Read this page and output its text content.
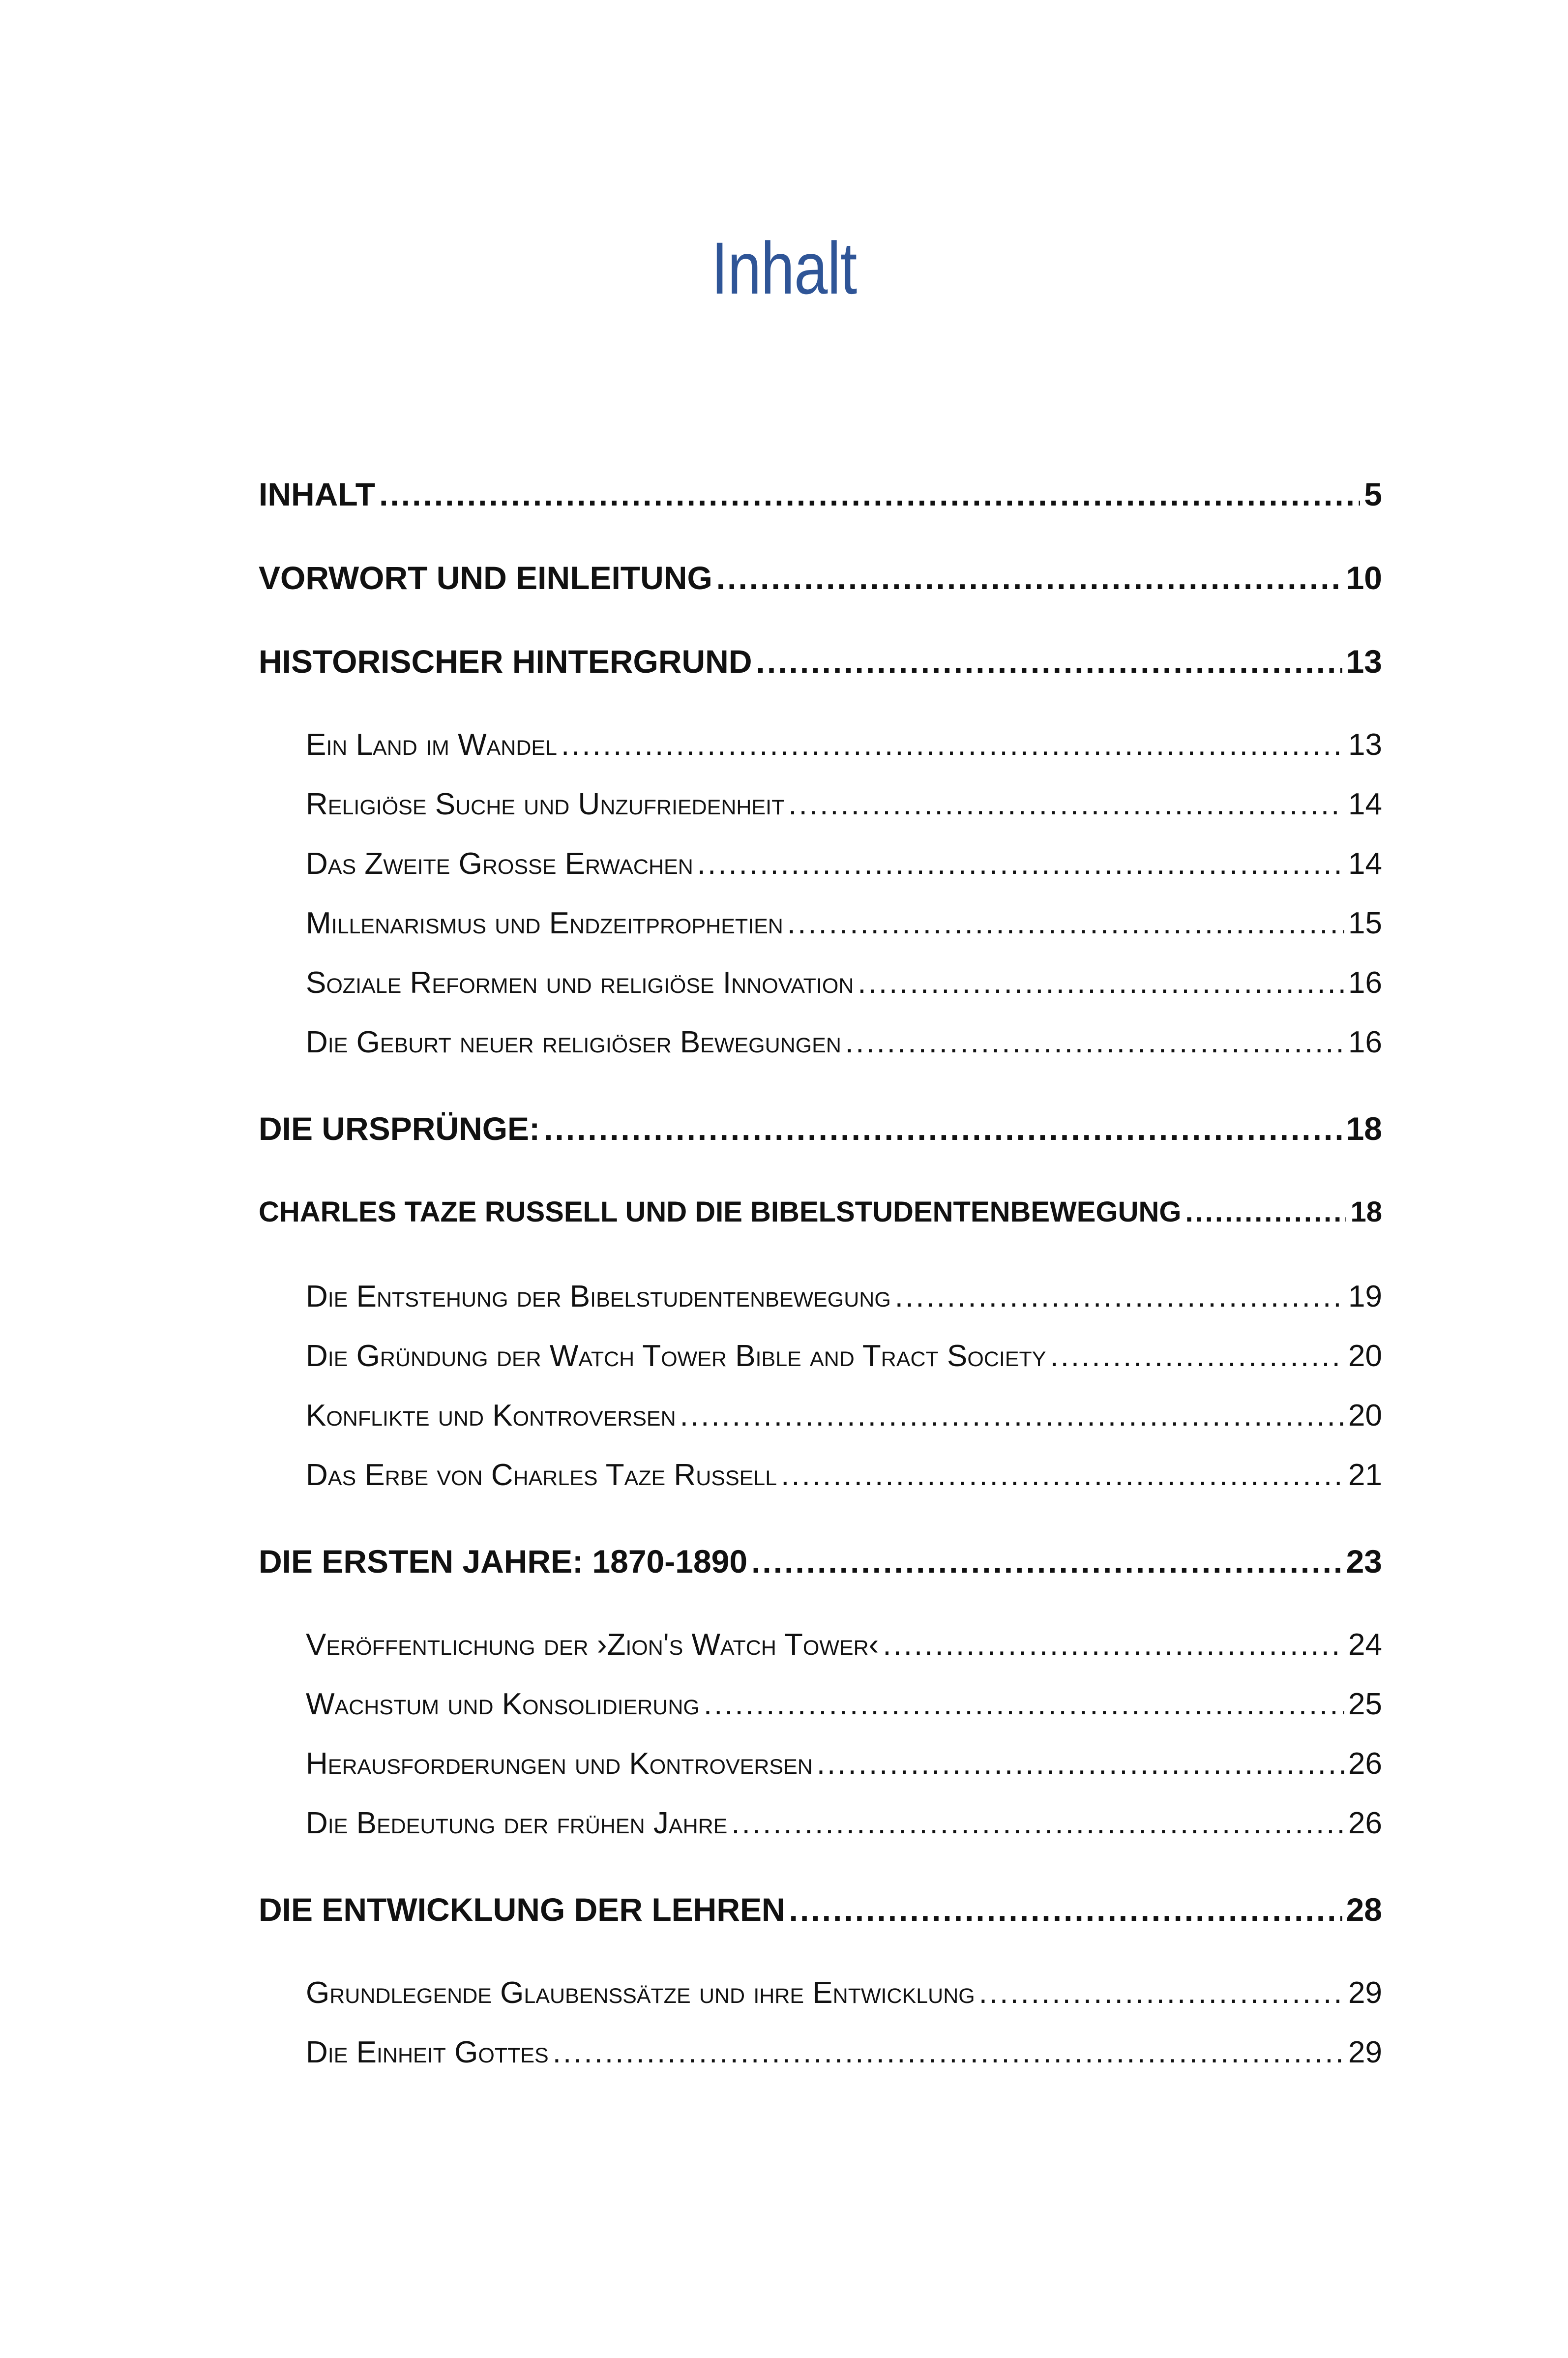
Inhalt
INHALT .....	5
VORWORT UND EINLEITUNG .....	10
HISTORISCHER HINTERGRUND .....	13
Ein Land im Wandel .....	13
Religiöse Suche und Unzufriedenheit .....	14
Das Zweite Große Erwachen .....	14
Millenarismus und Endzeitprophetien .....	15
Soziale Reformen und religiöse Innovation .....	16
Die Geburt neuer religiöser Bewegungen .....	16
DIE URSPRÜNGE: .....	18
CHARLES TAZE RUSSELL UND DIE BIBELSTUDENTENBEWEGUNG .....	18
Die Entstehung der Bibelstudentenbewegung .....	19
Die Gründung der Watch Tower Bible and Tract Society .....	20
Konflikte und Kontroversen .....	20
Das Erbe von Charles Taze Russell .....	21
DIE ERSTEN JAHRE: 1870-1890 .....	23
Veröffentlichung der ›Zion's Watch Tower‹ .....	24
Wachstum und Konsolidierung .....	25
Herausforderungen und Kontroversen .....	26
Die Bedeutung der frühen Jahre .....	26
DIE ENTWICKLUNG DER LEHREN .....	28
Grundlegende Glaubenssätze und ihre Entwicklung .....	29
Die Einheit Gottes .....	29
